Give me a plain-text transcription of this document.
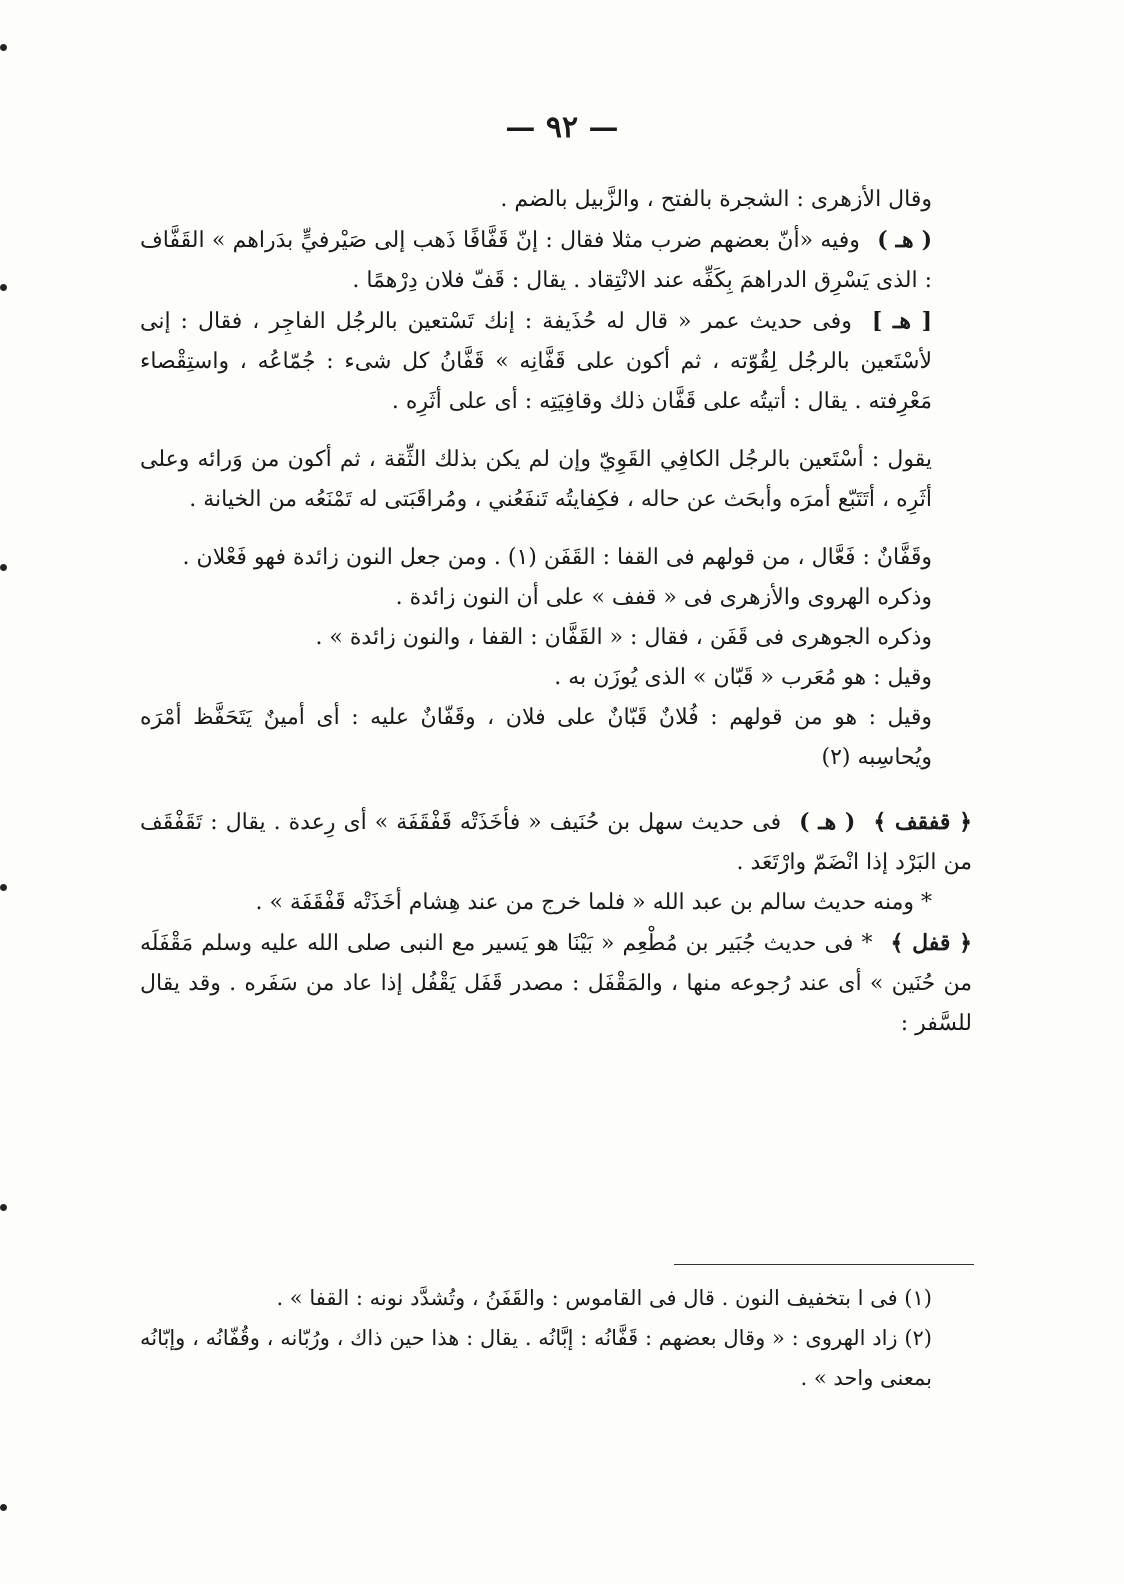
— ٩٢ —

وقال الأزهرى : الشجرة بالفتح ، والزَّبيل بالضم .

( هـ ) وفيه «أنّ بعضهم ضرب مثلا فقال : إنّ قَفَّافًا ذَهب إلى صَيْرفيٍّ بدَراهم » القَفَّاف : الذى يَسْرِق الدراهمَ بِكَفِّه عند الانْتِقاد . يقال : قَفّ فلان دِرْهمًا .

[ هـ ] وفى حديث عمر « قال له حُذَيفة : إنك تَسْتعين بالرجُل الفاجِر ، فقال : إنى لأسْتَعين بالرجُل لِقُوّته ، ثم أكون على قَفَّانِه » قَفَّانُ كل شىء : جُمّاعُه ، واستِقْصاء مَعْرِفته . يقال : أتيتُه على قَفَّان ذلك وقافِيَتِه : أى على أثَرِه .

يقول : أسْتَعين بالرجُل الكافِي القَوِيّ وإن لم يكن بذلك الثِّقة ، ثم أكون من وَرائه وعلى أثَرِه ، أتَتَبّع أمرَه وأبحَث عن حاله ، فكِفايتُه تَنفَعُني ، ومُراقَبَتى له تَمْنَعُه من الخيانة .

وقَفَّانٌ : فَعَّال ، من قولهم فى القفا : القَفَن (١) . ومن جعل النون زائدة فهو فَعْلان .

وذكره الهروى والأزهرى فى « قفف » على أن النون زائدة .

وذكره الجوهرى فى قَفَن ، فقال : « القَفَّان : القفا ، والنون زائدة » .

وقيل : هو مُعَرب « قَبّان » الذى يُوزَن به .

وقيل : هو من قولهم : فُلانٌ قَبّانٌ على فلان ، وقَفّانٌ عليه : أى أمينٌ يَتَحَفَّظ أمْرَه ويُحاسِبه (٢)

﴿ قفقف ﴾ ( هـ ) فى حديث سهل بن حُنَيف « فأخَذَتْه قَفْقَفَة » أى رِعدة . يقال : تَقَفْقَف من البَرْد إذا انْضَمّ وارْتَعَد .

* ومنه حديث سالم بن عبد الله « فلما خرج من عند هِشام أخَذَتْه قَفْقَفَة » .

﴿ قفل ﴾ * فى حديث جُبَير بن مُطْعِم « بَيْنَا هو يَسير مع النبى صلى الله عليه وسلم مَقْفَلَه من حُنَين » أى عند رُجوعه منها ، والمَقْفَل : مصدر قَفَل يَقْفُل إذا عاد من سَفَره . وقد يقال للسَّفر :

(١) فى ا بتخفيف النون . قال فى القاموس : والقَفَنُ ، وتُشدَّد نونه : القفا » .

(٢) زاد الهروى : « وقال بعضهم : قَفَّانُه : إبَّانُه . يقال : هذا حين ذاك ، ورُبّانه ، وقُفّانُه ، وإبّانُه بمعنى واحد » .
